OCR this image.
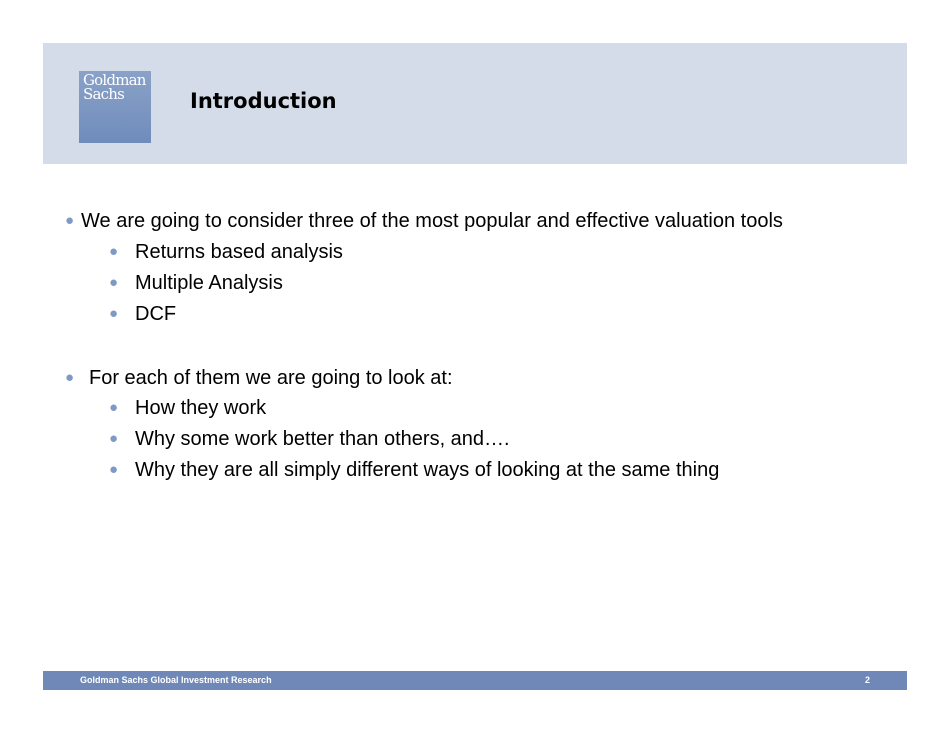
Goldman
Sachs	Introduction
● We are going to consider three of the most popular and effective valuation tools
● Returns based analysis
● Multiple Analysis
● DCF
● For each of them we are going to look at:
● How they work
● Why some work better than others, and….
● Why they are all simply different ways of looking at the same thing
Goldman Sachs Global Investment Research	2
